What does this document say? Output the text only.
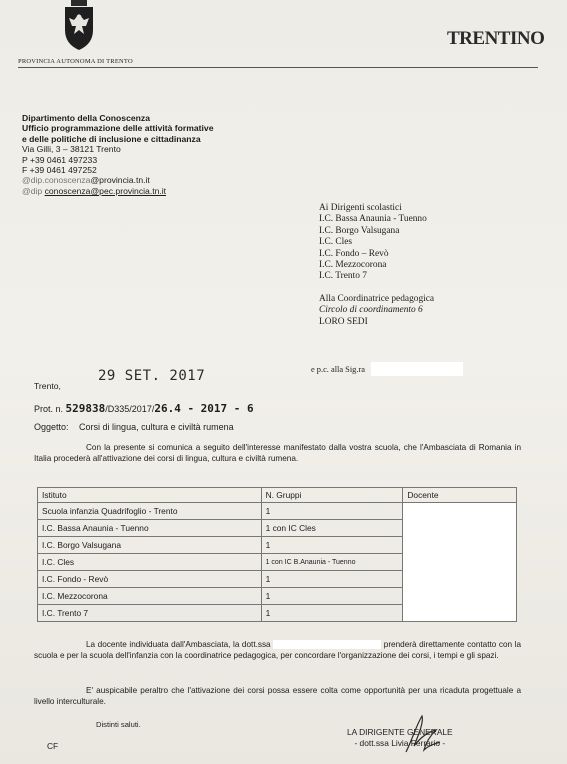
PROVINCIA AUTONOMA DI TRENTO
TRENTINO
Dipartimento della Conoscenza
Ufficio programmazione delle attività formative
e delle politiche di inclusione e cittadinanza
Via Gilli, 3 – 38121 Trento
P +39 0461 497233
F +39 0461 497252
@dip.conoscenza@provincia.tn.it
@dip conoscenza@pec.provincia.tn.it
Ai Dirigenti scolastici
I.C. Bassa Anaunia - Tuenno
I.C. Borgo Valsugana
I.C. Cles
I.C. Fondo – Revò
I.C. Mezzocorona
I.C. Trento 7
Alla Coordinatrice pedagogica
Circolo di coordinamento 6
LORO SEDI
e p.c. alla Sig.ra
29 SET. 2017
Trento,
Prot. n. 529838/D335/2017/26.4 - 2017 - 6
Oggetto: Corsi di lingua, cultura e civiltà rumena
Con la presente si comunica a seguito dell'interesse manifestato dalla vostra scuola, che l'Ambasciata di Romania in Italia procederà all'attivazione dei corsi di lingua, cultura e civiltà rumena.
Istituto	N. Gruppi	Docente
Scuola infanzia Quadrifoglio - Trento	1	
I.C. Bassa Anaunia - Tuenno	1 con IC Cles	
I.C. Borgo Valsugana	1	
I.C. Cles	1 con IC B.Anaunia - Tuenno	
I.C. Fondo - Revò	1	
I.C. Mezzocorona	1	
I.C. Trento 7	1	
La docente individuata dall'Ambasciata, la dott.ssa	prenderà direttamente contatto con la scuola e per la scuola dell'infanzia con la coordinatrice pedagogica, per concordare l'organizzazione dei corsi, i tempi e gli spazi.
E' auspicabile peraltro che l'attivazione dei corsi possa essere colta come opportunità per una ricaduta progettuale a livello interculturale.
Distinti saluti.
CF
LA DIRIGENTE GENERALE
- dott.ssa Livia Ferrario -
